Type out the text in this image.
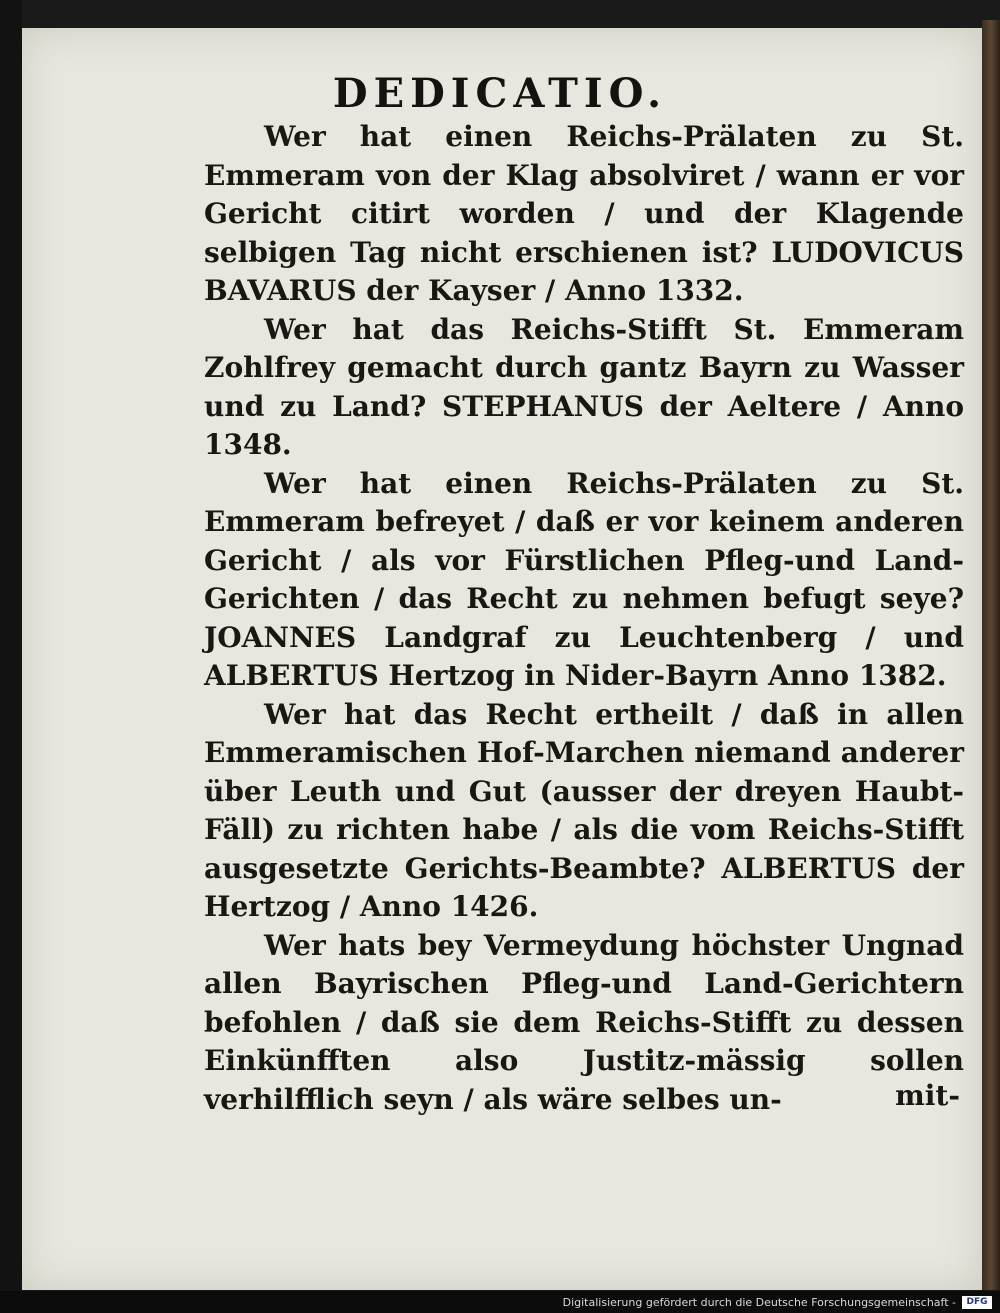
DEDICATIO.

Wer hat einen Reichs-Prälaten zu St. Emmeram von der Klag absolviret / wann er vor Gericht citirt worden / und der Klagende selbigen Tag nicht erschienen ist? LUDOVICUS BAVARUS der Kayser / Anno 1332.

Wer hat das Reichs-Stifft St. Emmeram Zohlfrey gemacht durch gantz Bayrn zu Wasser und zu Land? STEPHANUS der Aeltere / Anno 1348.

Wer hat einen Reichs-Prälaten zu St. Emmeram befreyet / daß er vor keinem anderen Gericht / als vor Fürstlichen Pfleg-und Land-Gerichten / das Recht zu nehmen befugt seye? JOANNES Landgraf zu Leuchtenberg / und ALBERTUS Hertzog in Nider-Bayrn Anno 1382.

Wer hat das Recht ertheilt / daß in allen Emmeramischen Hof-Marchen niemand anderer über Leuth und Gut (ausser der dreyen Haubt-Fäll) zu richten habe / als die vom Reichs-Stifft ausgesetzte Gerichts-Beambte? ALBERTUS der Hertzog / Anno 1426.

Wer hats bey Vermeydung höchster Ungnad allen Bayrischen Pfleg-und Land-Gerichtern befohlen / daß sie dem Reichs-Stifft zu dessen Einkünfften also Justitz-mässig sollen verhilfflich seyn / als wäre selbes un-	mit-
Digitalisierung gefördert durch die Deutsche Forschungsgemeinschaft -	DFG
